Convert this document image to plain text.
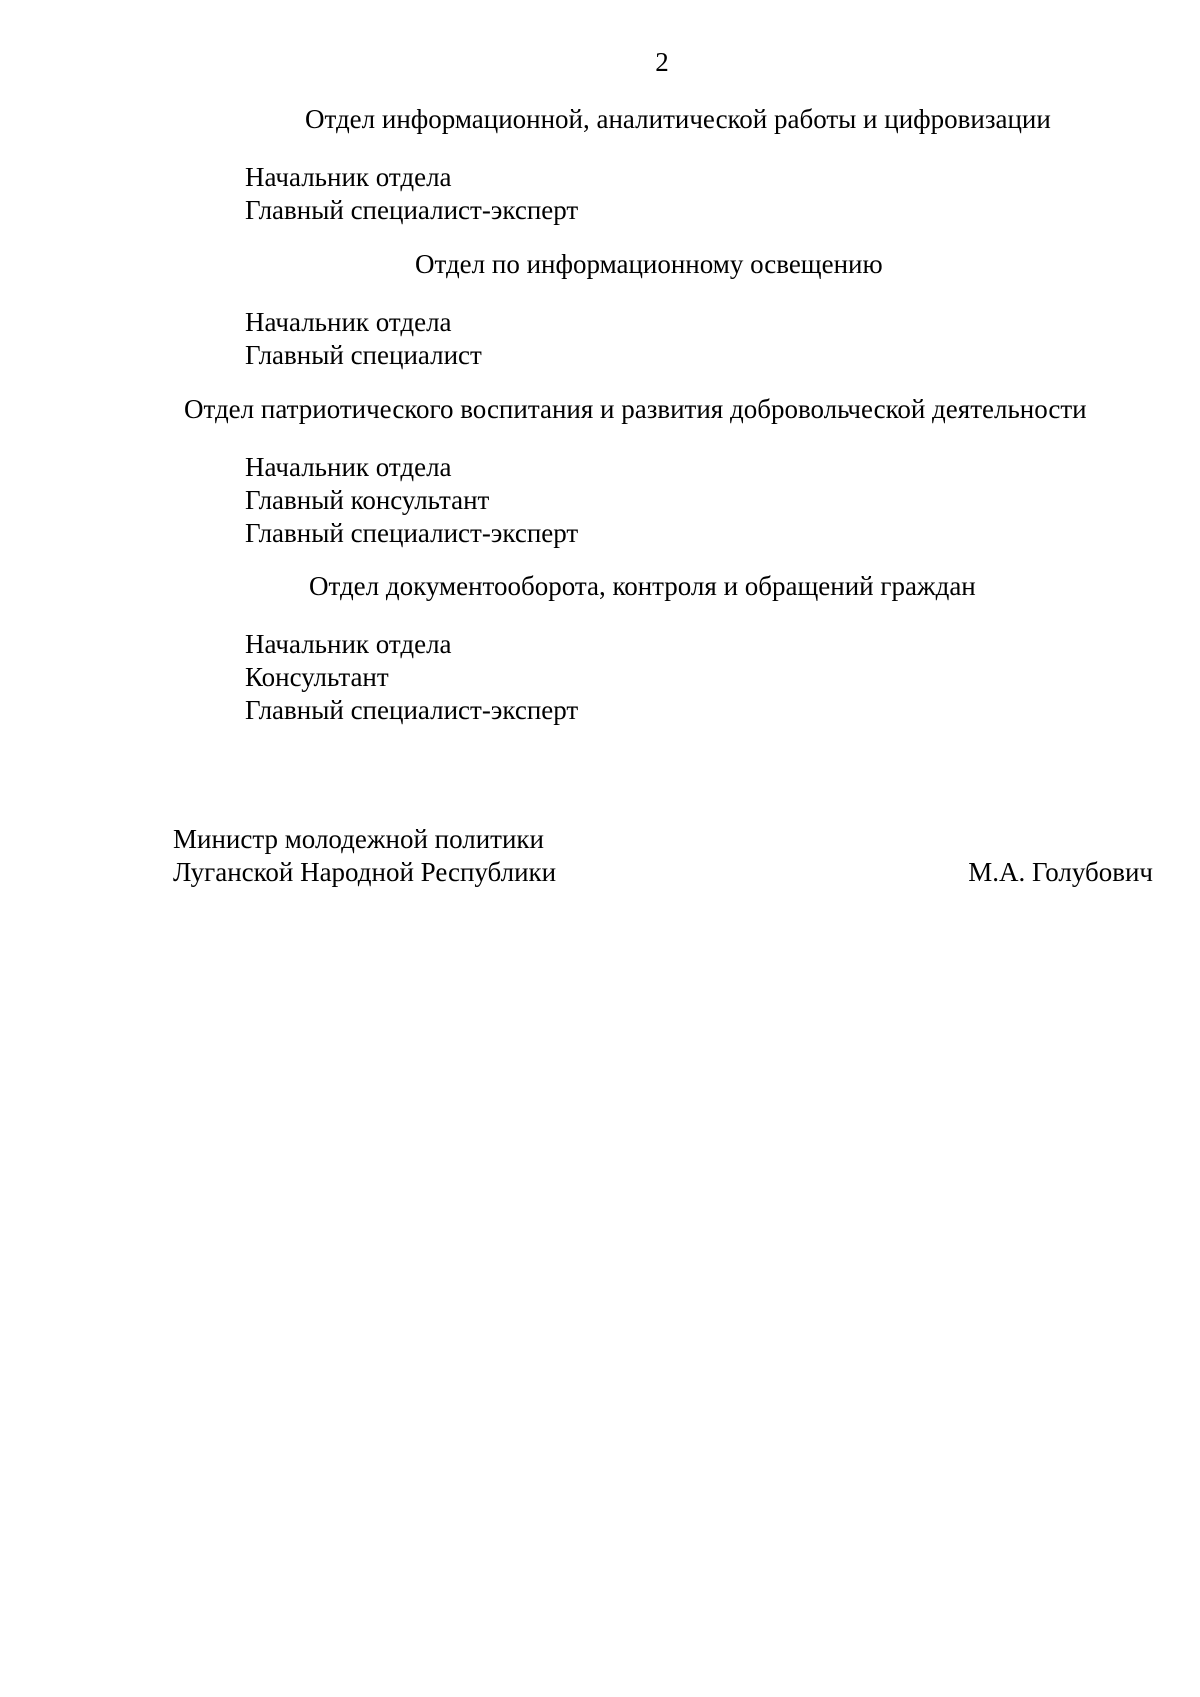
2
Отдел информационной, аналитической работы и цифровизации
Начальник отдела
Главный специалист-эксперт
Отдел по информационному освещению
Начальник отдела
Главный специалист
Отдел патриотического воспитания и развития добровольческой деятельности
Начальник отдела
Главный консультант
Главный специалист-эксперт
Отдел документооборота, контроля и обращений граждан
Начальник отдела
Консультант
Главный специалист-эксперт
Министр молодежной политики
Луганской Народной Республики	М.А. Голубович
